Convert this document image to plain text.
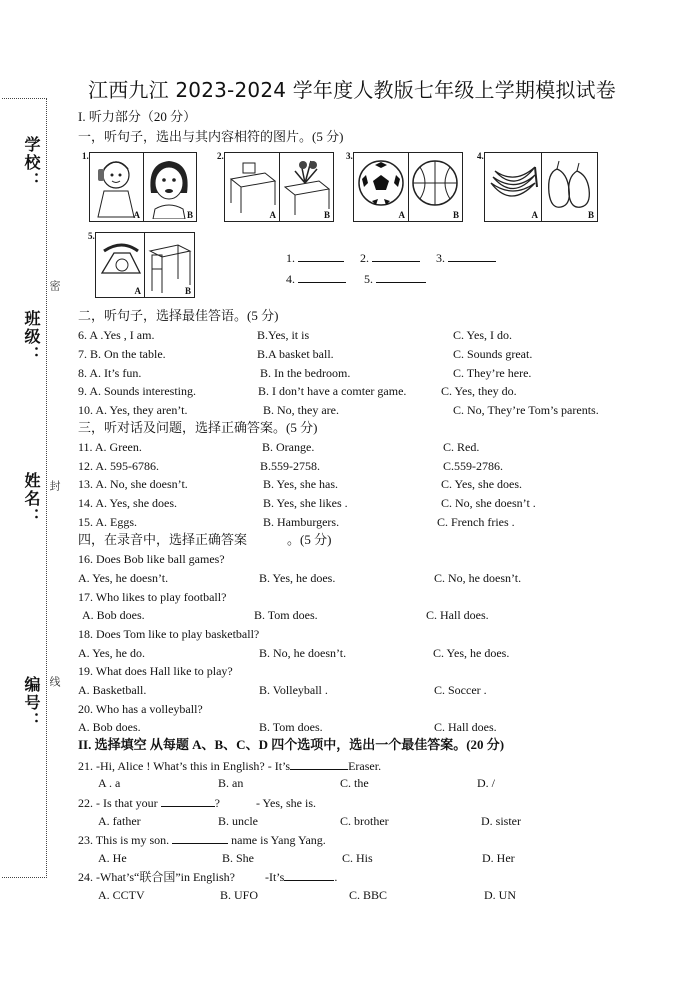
学校：
班级：
姓名：
编号：
密
封
线
江西九江 2023-2024 学年度人教版七年级上学期模拟试卷
I. 听力部分（20 分）
一，听句子，选出与其内容相符的图片。(5 分)
1.
A	B
2.
A	B
3.
A	B
4.
A	B
5.
A	B
1.	2.	3.
4.	5.
二，听句子，选择最佳答语。(5 分)
6. A .Yes , I am.	B.Yes, it is	C. Yes, I do.
7. B. On the table.	B.A basket ball.	C. Sounds great.
8. A. It’s fun.	B. In the bedroom.	C. They’re here.
9. A. Sounds interesting.	B. I don’t have a comter game.	C. Yes, they do.
10. A. Yes, they aren’t.	B. No, they are.	C. No, They’re Tom’s parents.
三，听对话及问题，选择正确答案。(5 分)
11. A. Green.	B. Orange.	C. Red.
12. A. 595-6786.	B.559-2758.	C.559-2786.
13. A. No, she doesn’t.	B. Yes, she has.	C. Yes, she does.
14. A. Yes, she does.	B. Yes, she likes .	C. No, she doesn’t .
15. A. Eggs.	B. Hamburgers.	C. French fries .
四，在录音中，选择正确答案	。(5 分)
16. Does Bob like ball games?
A. Yes, he doesn’t.	B. Yes, he does.	C. No, he doesn’t.
17. Who likes to play football?
A. Bob does.	B. Tom does.	C. Hall does.
18. Does Tom like to play basketball?
A. Yes, he do.	B. No, he doesn’t.	C. Yes, he does.
19. What does Hall like to play?
A. Basketball.	B. Volleyball .	C. Soccer .
20. Who has a volleyball?
A. Bob does.	B. Tom does.	C. Hall does.
II. 选择填空 从每题 A、B、C、D 四个选项中，选出一个最佳答案。(20 分)
21. -Hi, Alice ! What’s this in English? - It’s	Eraser.
A . a	B. an	C. the	D. /
22. - Is that your	?	- Yes, she is.
A. father	B. uncle	C. brother	D. sister
23. This is my son.	name is Yang Yang.
A. He	B. She	C. His	D. Her
24. -What’s“联合国”in English?	-It’s	.
A. CCTV	B. UFO	C. BBC	D. UN
